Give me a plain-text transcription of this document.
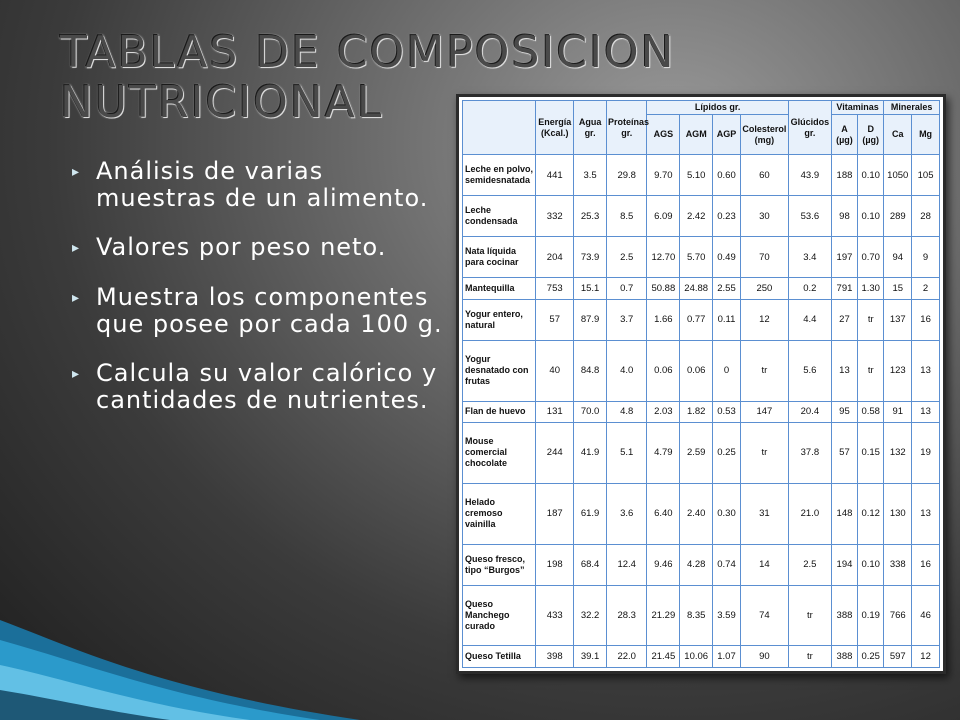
TABLAS DE COMPOSICION
NUTRICIONAL
▸ Análisis de varias muestras de un alimento.
▸ Valores por peso neto.
▸ Muestra los componentes que posee por cada 100 g.
▸ Calcula su valor calórico y cantidades de nutrientes.
	Energía (Kcal.)	Agua gr.	Proteínas gr.	Lípidos gr.				Glúcidos gr.	Vitaminas		Minerales	
				AGS	AGM	AGP	Colesterol (mg)		A (µg)	D (µg)	Ca	Mg
Leche en polvo, semidesnatada	441	3.5	29.8	9.70	5.10	0.60	60	43.9	188	0.10	1050	105
Leche condensada	332	25.3	8.5	6.09	2.42	0.23	30	53.6	98	0.10	289	28
Nata líquida para cocinar	204	73.9	2.5	12.70	5.70	0.49	70	3.4	197	0.70	94	9
Mantequilla	753	15.1	0.7	50.88	24.88	2.55	250	0.2	791	1.30	15	2
Yogur entero, natural	57	87.9	3.7	1.66	0.77	0.11	12	4.4	27	tr	137	16
Yogur desnatado con frutas	40	84.8	4.0	0.06	0.06	0	tr	5.6	13	tr	123	13
Flan de huevo	131	70.0	4.8	2.03	1.82	0.53	147	20.4	95	0.58	91	13
Mouse comercial chocolate	244	41.9	5.1	4.79	2.59	0.25	tr	37.8	57	0.15	132	19
Helado cremoso vainilla	187	61.9	3.6	6.40	2.40	0.30	31	21.0	148	0.12	130	13
Queso fresco, tipo “Burgos”	198	68.4	12.4	9.46	4.28	0.74	14	2.5	194	0.10	338	16
Queso Manchego curado	433	32.2	28.3	21.29	8.35	3.59	74	tr	388	0.19	766	46
Queso Tetilla	398	39.1	22.0	21.45	10.06	1.07	90	tr	388	0.25	597	12
